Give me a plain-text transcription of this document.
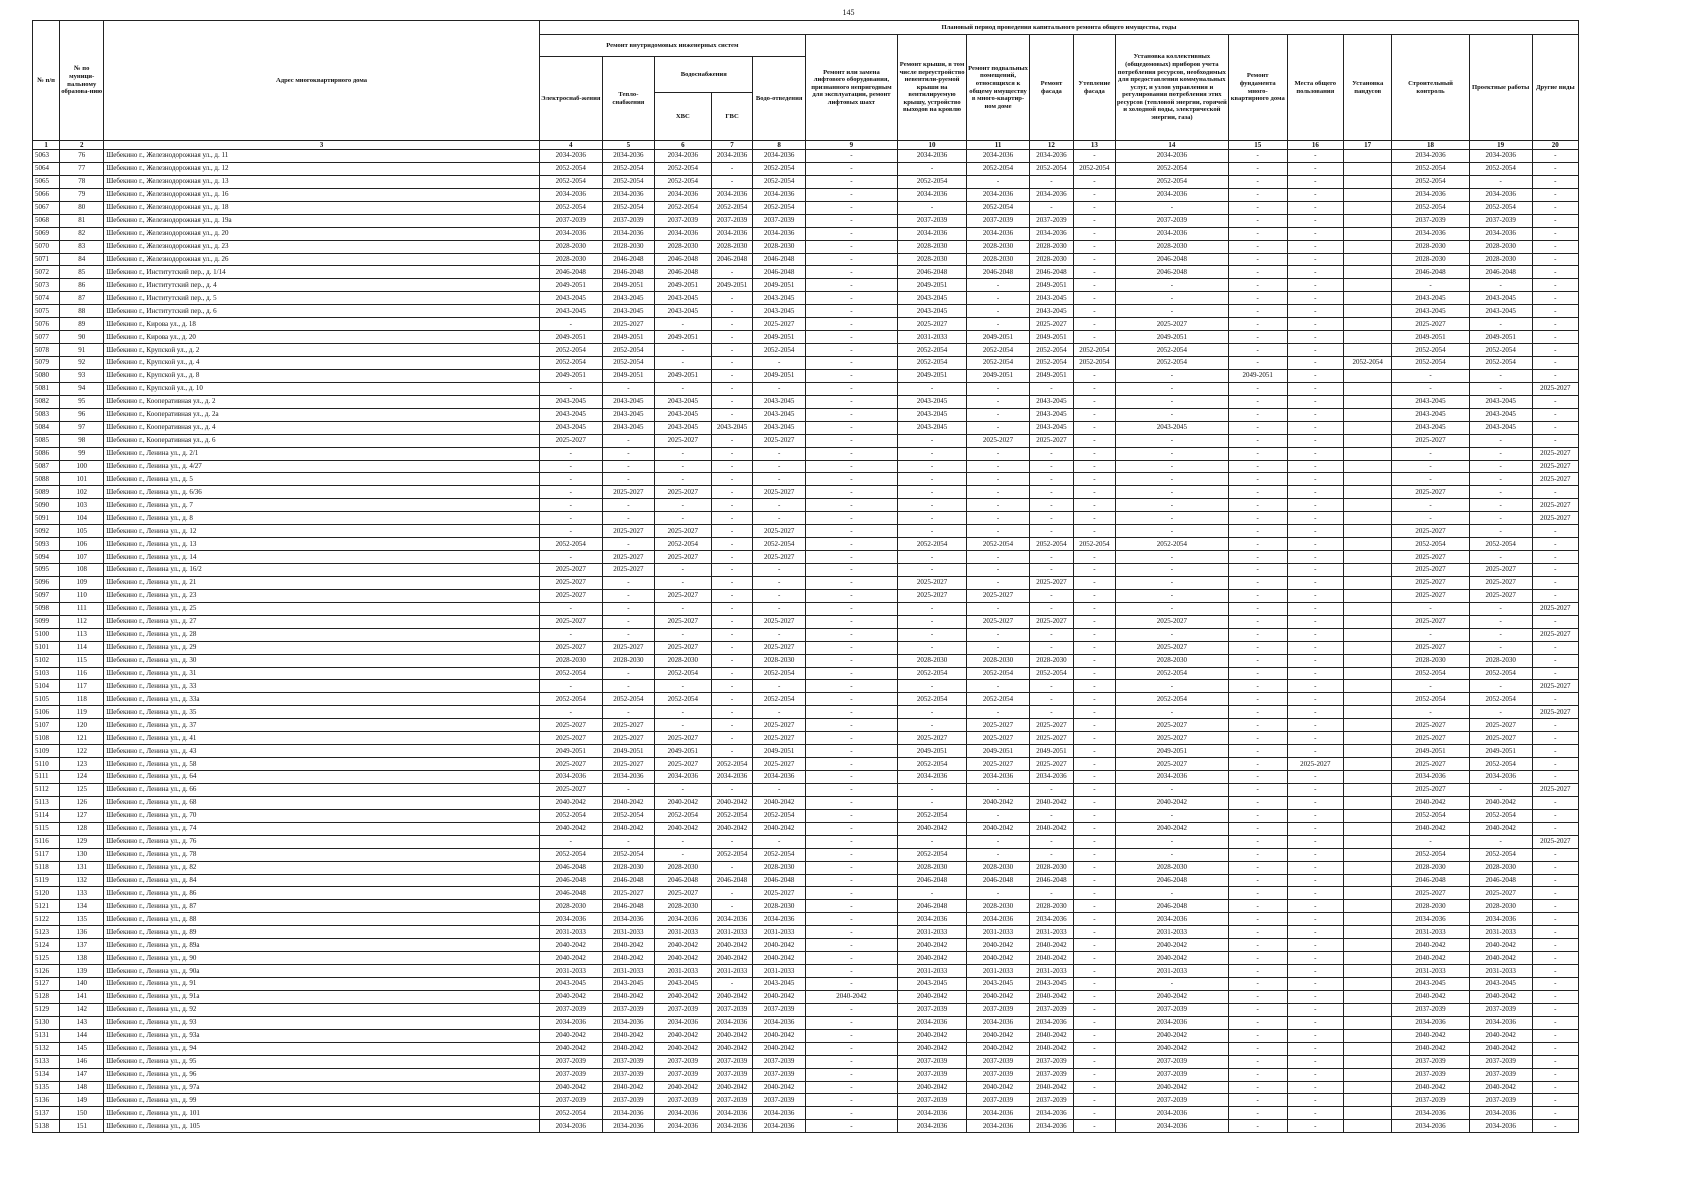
145
№ п/п	№ по муници-пальному образова-нию	Адрес многоквартирного дома	Плановый период проведения капитального ремонта общего имущества, годы																
			Ремонт внутридомовых инженерных систем					Ремонт или замена лифтового оборудования, признанного непригодным для эксплуатации, ремонт лифтовых шахт	Ремонт крыши, в том числе переустройство невентили-руемой крыши на вентилируемую крышу, устройство выходов на кровлю	Ремонт подвальных помещений, относящихся к общему имуществу в много-квартир-ном доме	Ремонт фасада	Утепление фасада	Установка коллективных (общедомовых) приборов учета потребления ресурсов, необходимых для предоставления коммунальных услуг, и узлов управления и регулирования потребления этих ресурсов (тепловой энергии, горячей и холодной воды, электрической энергии, газа)	Ремонт фундамента много-квартирного дома	Места общего пользования	Установка пандусов	Строительный контроль	Проектные работы	Другие виды
			Электроснаб-жения	Тепло-снабжения	Водоснабжения		Водо-отведения												
					ХВС	ГВС													
1	2	3	4	5	6	7	8	9	10	11	12	13	14	15	16	17	18	19	20
5063	76	Шебекино г., Железнодорожная ул., д. 11	2034-2036	2034-2036	2034-2036	2034-2036	2034-2036	-	2034-2036	2034-2036	2034-2036	-	2034-2036	-	-		2034-2036	2034-2036	-
5064	77	Шебекино г., Железнодорожная ул., д. 12	2052-2054	2052-2054	2052-2054	-	2052-2054	-	-	2052-2054	2052-2054	2052-2054	2052-2054	-	-		2052-2054	2052-2054	-
5065	78	Шебекино г., Железнодорожная ул., д. 13	2052-2054	2052-2054	2052-2054	-	2052-2054	-	2052-2054	-	-	-	2052-2054	-	-		2052-2054	-	-
5066	79	Шебекино г., Железнодорожная ул., д. 16	2034-2036	2034-2036	2034-2036	2034-2036	2034-2036	-	2034-2036	2034-2036	2034-2036	-	2034-2036	-	-		2034-2036	2034-2036	-
5067	80	Шебекино г., Железнодорожная ул., д. 18	2052-2054	2052-2054	2052-2054	2052-2054	2052-2054	-	-	2052-2054	-	-	-	-	-		2052-2054	2052-2054	-
5068	81	Шебекино г., Железнодорожная ул., д. 19а	2037-2039	2037-2039	2037-2039	2037-2039	2037-2039	-	2037-2039	2037-2039	2037-2039	-	2037-2039	-	-		2037-2039	2037-2039	-
5069	82	Шебекино г., Железнодорожная ул., д. 20	2034-2036	2034-2036	2034-2036	2034-2036	2034-2036	-	2034-2036	2034-2036	2034-2036	-	2034-2036	-	-		2034-2036	2034-2036	-
5070	83	Шебекино г., Железнодорожная ул., д. 23	2028-2030	2028-2030	2028-2030	2028-2030	2028-2030	-	2028-2030	2028-2030	2028-2030	-	2028-2030	-	-		2028-2030	2028-2030	-
5071	84	Шебекино г., Железнодорожная ул., д. 26	2028-2030	2046-2048	2046-2048	2046-2048	2046-2048	-	2028-2030	2028-2030	2028-2030	-	2046-2048	-	-		2028-2030	2028-2030	-
5072	85	Шебекино г., Институтский пер., д. 1/14	2046-2048	2046-2048	2046-2048	-	2046-2048	-	2046-2048	2046-2048	2046-2048	-	2046-2048	-	-		2046-2048	2046-2048	-
5073	86	Шебекино г., Институтский пер., д. 4	2049-2051	2049-2051	2049-2051	2049-2051	2049-2051	-	2049-2051	-	2049-2051	-	-	-	-		-	-	-
5074	87	Шебекино г., Институтский пер., д. 5	2043-2045	2043-2045	2043-2045	-	2043-2045	-	2043-2045	-	2043-2045	-	-	-	-		2043-2045	2043-2045	-
5075	88	Шебекино г., Институтский пер., д. 6	2043-2045	2043-2045	2043-2045	-	2043-2045	-	2043-2045	-	2043-2045	-	-	-	-		2043-2045	2043-2045	-
5076	89	Шебекино г., Кирова ул., д. 18	-	2025-2027	-	-	2025-2027	-	2025-2027	-	2025-2027	-	2025-2027	-	-		2025-2027	-	-
5077	90	Шебекино г., Кирова ул., д. 20	2049-2051	2049-2051	2049-2051	-	2049-2051	-	2031-2033	2049-2051	2049-2051	-	2049-2051	-	-		2049-2051	2049-2051	-
5078	91	Шебекино г., Крупской ул., д. 2	2052-2054	2052-2054	-	-	2052-2054	-	2052-2054	2052-2054	2052-2054	2052-2054	2052-2054	-	-		2052-2054	2052-2054	-
5079	92	Шебекино г., Крупской ул., д. 4	2052-2054	2052-2054	-	-	-	-	2052-2054	2052-2054	2052-2054	2052-2054	2052-2054	-	-	2052-2054	2052-2054	2052-2054	-
5080	93	Шебекино г., Крупской ул., д. 8	2049-2051	2049-2051	2049-2051	-	2049-2051	-	2049-2051	2049-2051	2049-2051	-	-	2049-2051	-		-	-	-
5081	94	Шебекино г., Крупской ул., д. 10	-	-	-	-	-	-	-	-	-	-	-	-	-		-	-	2025-2027
5082	95	Шебекино г., Кооперативная ул., д. 2	2043-2045	2043-2045	2043-2045	-	2043-2045	-	2043-2045	-	2043-2045	-	-	-	-		2043-2045	2043-2045	-
5083	96	Шебекино г., Кооперативная ул., д. 2а	2043-2045	2043-2045	2043-2045	-	2043-2045	-	2043-2045	-	2043-2045	-	-	-	-		2043-2045	2043-2045	-
5084	97	Шебекино г., Кооперативная ул., д. 4	2043-2045	2043-2045	2043-2045	2043-2045	2043-2045	-	2043-2045	-	2043-2045	-	2043-2045	-	-		2043-2045	2043-2045	-
5085	98	Шебекино г., Кооперативная ул., д. 6	2025-2027	-	2025-2027	-	2025-2027	-	-	2025-2027	2025-2027	-	-	-	-		2025-2027	-	-
5086	99	Шебекино г., Ленина ул., д. 2/1	-	-	-	-	-	-	-	-	-	-	-	-	-		-	-	2025-2027
5087	100	Шебекино г., Ленина ул., д. 4/27	-	-	-	-	-	-	-	-	-	-	-	-	-		-	-	2025-2027
5088	101	Шебекино г., Ленина ул., д. 5	-	-	-	-	-	-	-	-	-	-	-	-	-		-	-	2025-2027
5089	102	Шебекино г., Ленина ул., д. 6/36	-	2025-2027	2025-2027	-	2025-2027	-	-	-	-	-	-	-	-		2025-2027	-	-
5090	103	Шебекино г., Ленина ул., д. 7	-	-	-	-	-	-	-	-	-	-	-	-	-		-	-	2025-2027
5091	104	Шебекино г., Ленина ул., д. 8	-	-	-	-	-	-	-	-	-	-	-	-	-		-	-	2025-2027
5092	105	Шебекино г., Ленина ул., д. 12	-	2025-2027	2025-2027	-	2025-2027	-	-	-	-	-	-	-	-		2025-2027	-	-
5093	106	Шебекино г., Ленина ул., д. 13	2052-2054	-	2052-2054	-	2052-2054	-	2052-2054	2052-2054	2052-2054	2052-2054	2052-2054	-	-		2052-2054	2052-2054	-
5094	107	Шебекино г., Ленина ул., д. 14	-	2025-2027	2025-2027	-	2025-2027	-	-	-	-	-	-	-	-		2025-2027	-	-
5095	108	Шебекино г., Ленина ул., д. 16/2	2025-2027	2025-2027	-	-	-	-	-	-	-	-	-	-	-		2025-2027	2025-2027	-
5096	109	Шебекино г., Ленина ул., д. 21	2025-2027	-	-	-	-	-	2025-2027	-	2025-2027	-	-	-	-		2025-2027	2025-2027	-
5097	110	Шебекино г., Ленина ул., д. 23	2025-2027	-	2025-2027	-	-	-	2025-2027	2025-2027	-	-	-	-	-		2025-2027	2025-2027	-
5098	111	Шебекино г., Ленина ул., д. 25	-	-	-	-	-	-	-	-	-	-	-	-	-		-	-	2025-2027
5099	112	Шебекино г., Ленина ул., д. 27	2025-2027	-	2025-2027	-	2025-2027	-	-	2025-2027	2025-2027	-	2025-2027	-	-		2025-2027	-	-
5100	113	Шебекино г., Ленина ул., д. 28	-	-	-	-	-	-	-	-	-	-	-	-	-		-	-	2025-2027
5101	114	Шебекино г., Ленина ул., д. 29	2025-2027	2025-2027	2025-2027	-	2025-2027	-	-	-	-	-	2025-2027	-	-		2025-2027	-	-
5102	115	Шебекино г., Ленина ул., д. 30	2028-2030	2028-2030	2028-2030	-	2028-2030	-	2028-2030	2028-2030	2028-2030	-	2028-2030	-	-		2028-2030	2028-2030	-
5103	116	Шебекино г., Ленина ул., д. 31	2052-2054	-	2052-2054	-	2052-2054	-	2052-2054	2052-2054	2052-2054	-	2052-2054	-	-		2052-2054	2052-2054	-
5104	117	Шебекино г., Ленина ул., д. 33	-	-	-	-	-	-	-	-	-	-	-	-	-		-	-	2025-2027
5105	118	Шебекино г., Ленина ул., д. 33а	2052-2054	2052-2054	2052-2054	-	2052-2054	-	2052-2054	2052-2054	-	-	2052-2054	-	-		2052-2054	2052-2054	-
5106	119	Шебекино г., Ленина ул., д. 35	-	-	-	-	-	-	-	-	-	-	-	-	-		-	-	2025-2027
5107	120	Шебекино г., Ленина ул., д. 37	2025-2027	2025-2027	-	-	2025-2027	-	-	2025-2027	2025-2027	-	2025-2027	-	-		2025-2027	2025-2027	-
5108	121	Шебекино г., Ленина ул., д. 41	2025-2027	2025-2027	2025-2027	-	2025-2027	-	2025-2027	2025-2027	2025-2027	-	2025-2027	-	-		2025-2027	2025-2027	-
5109	122	Шебекино г., Ленина ул., д. 43	2049-2051	2049-2051	2049-2051	-	2049-2051	-	2049-2051	2049-2051	2049-2051	-	2049-2051	-	-		2049-2051	2049-2051	-
5110	123	Шебекино г., Ленина ул., д. 58	2025-2027	2025-2027	2025-2027	2052-2054	2025-2027	-	2052-2054	2025-2027	2025-2027	-	2025-2027	-	2025-2027		2025-2027	2052-2054	-
5111	124	Шебекино г., Ленина ул., д. 64	2034-2036	2034-2036	2034-2036	2034-2036	2034-2036	-	2034-2036	2034-2036	2034-2036	-	2034-2036	-	-		2034-2036	2034-2036	-
5112	125	Шебекино г., Ленина ул., д. 66	2025-2027	-	-	-	-	-	-	-	-	-	-	-	-		2025-2027	-	2025-2027
5113	126	Шебекино г., Ленина ул., д. 68	2040-2042	2040-2042	2040-2042	2040-2042	2040-2042	-	-	2040-2042	2040-2042	-	2040-2042	-	-		2040-2042	2040-2042	-
5114	127	Шебекино г., Ленина ул., д. 70	2052-2054	2052-2054	2052-2054	2052-2054	2052-2054	-	2052-2054	-	-	-	-	-	-		2052-2054	2052-2054	-
5115	128	Шебекино г., Ленина ул., д. 74	2040-2042	2040-2042	2040-2042	2040-2042	2040-2042	-	2040-2042	2040-2042	2040-2042	-	2040-2042	-	-		2040-2042	2040-2042	-
5116	129	Шебекино г., Ленина ул., д. 76	-	-	-	-	-	-	-	-	-	-	-	-	-		-	-	2025-2027
5117	130	Шебекино г., Ленина ул., д. 78	2052-2054	2052-2054	-	2052-2054	2052-2054	-	2052-2054	-	-	-	-	-	-		2052-2054	2052-2054	-
5118	131	Шебекино г., Ленина ул., д. 82	2046-2048	2028-2030	2028-2030	-	2028-2030	-	2028-2030	2028-2030	2028-2030	-	2028-2030	-	-		2028-2030	2028-2030	-
5119	132	Шебекино г., Ленина ул., д. 84	2046-2048	2046-2048	2046-2048	2046-2048	2046-2048	-	2046-2048	2046-2048	2046-2048	-	2046-2048	-	-		2046-2048	2046-2048	-
5120	133	Шебекино г., Ленина ул., д. 86	2046-2048	2025-2027	2025-2027	-	2025-2027	-	-	-	-	-	-	-	-		2025-2027	2025-2027	-
5121	134	Шебекино г., Ленина ул., д. 87	2028-2030	2046-2048	2028-2030	-	2028-2030	-	2046-2048	2028-2030	2028-2030	-	2046-2048	-	-		2028-2030	2028-2030	-
5122	135	Шебекино г., Ленина ул., д. 88	2034-2036	2034-2036	2034-2036	2034-2036	2034-2036	-	2034-2036	2034-2036	2034-2036	-	2034-2036	-	-		2034-2036	2034-2036	-
5123	136	Шебекино г., Ленина ул., д. 89	2031-2033	2031-2033	2031-2033	2031-2033	2031-2033	-	2031-2033	2031-2033	2031-2033	-	2031-2033	-	-		2031-2033	2031-2033	-
5124	137	Шебекино г., Ленина ул., д. 89а	2040-2042	2040-2042	2040-2042	2040-2042	2040-2042	-	2040-2042	2040-2042	2040-2042	-	2040-2042	-	-		2040-2042	2040-2042	-
5125	138	Шебекино г., Ленина ул., д. 90	2040-2042	2040-2042	2040-2042	2040-2042	2040-2042	-	2040-2042	2040-2042	2040-2042	-	2040-2042	-	-		2040-2042	2040-2042	-
5126	139	Шебекино г., Ленина ул., д. 90а	2031-2033	2031-2033	2031-2033	2031-2033	2031-2033	-	2031-2033	2031-2033	2031-2033	-	2031-2033	-	-		2031-2033	2031-2033	-
5127	140	Шебекино г., Ленина ул., д. 91	2043-2045	2043-2045	2043-2045	-	2043-2045	-	2043-2045	2043-2045	2043-2045	-	-	-	-		2043-2045	2043-2045	-
5128	141	Шебекино г., Ленина ул., д. 91а	2040-2042	2040-2042	2040-2042	2040-2042	2040-2042	2040-2042	2040-2042	2040-2042	2040-2042	-	2040-2042	-	-		2040-2042	2040-2042	-
5129	142	Шебекино г., Ленина ул., д. 92	2037-2039	2037-2039	2037-2039	2037-2039	2037-2039	-	2037-2039	2037-2039	2037-2039	-	2037-2039	-	-		2037-2039	2037-2039	-
5130	143	Шебекино г., Ленина ул., д. 93	2034-2036	2034-2036	2034-2036	2034-2036	2034-2036	-	2034-2036	2034-2036	2034-2036	-	2034-2036	-	-		2034-2036	2034-2036	-
5131	144	Шебекино г., Ленина ул., д. 93а	2040-2042	2040-2042	2040-2042	2040-2042	2040-2042	-	2040-2042	2040-2042	2040-2042	-	2040-2042	-	-		2040-2042	2040-2042	-
5132	145	Шебекино г., Ленина ул., д. 94	2040-2042	2040-2042	2040-2042	2040-2042	2040-2042	-	2040-2042	2040-2042	2040-2042	-	2040-2042	-	-		2040-2042	2040-2042	-
5133	146	Шебекино г., Ленина ул., д. 95	2037-2039	2037-2039	2037-2039	2037-2039	2037-2039	-	2037-2039	2037-2039	2037-2039	-	2037-2039	-	-		2037-2039	2037-2039	-
5134	147	Шебекино г., Ленина ул., д. 96	2037-2039	2037-2039	2037-2039	2037-2039	2037-2039	-	2037-2039	2037-2039	2037-2039	-	2037-2039	-	-		2037-2039	2037-2039	-
5135	148	Шебекино г., Ленина ул., д. 97а	2040-2042	2040-2042	2040-2042	2040-2042	2040-2042	-	2040-2042	2040-2042	2040-2042	-	2040-2042	-	-		2040-2042	2040-2042	-
5136	149	Шебекино г., Ленина ул., д. 99	2037-2039	2037-2039	2037-2039	2037-2039	2037-2039	-	2037-2039	2037-2039	2037-2039	-	2037-2039	-	-		2037-2039	2037-2039	-
5137	150	Шебекино г., Ленина ул., д. 101	2052-2054	2034-2036	2034-2036	2034-2036	2034-2036	-	2034-2036	2034-2036	2034-2036	-	2034-2036	-	-		2034-2036	2034-2036	-
5138	151	Шебекино г., Ленина ул., д. 105	2034-2036	2034-2036	2034-2036	2034-2036	2034-2036	-	2034-2036	2034-2036	2034-2036	-	2034-2036	-	-		2034-2036	2034-2036	-
